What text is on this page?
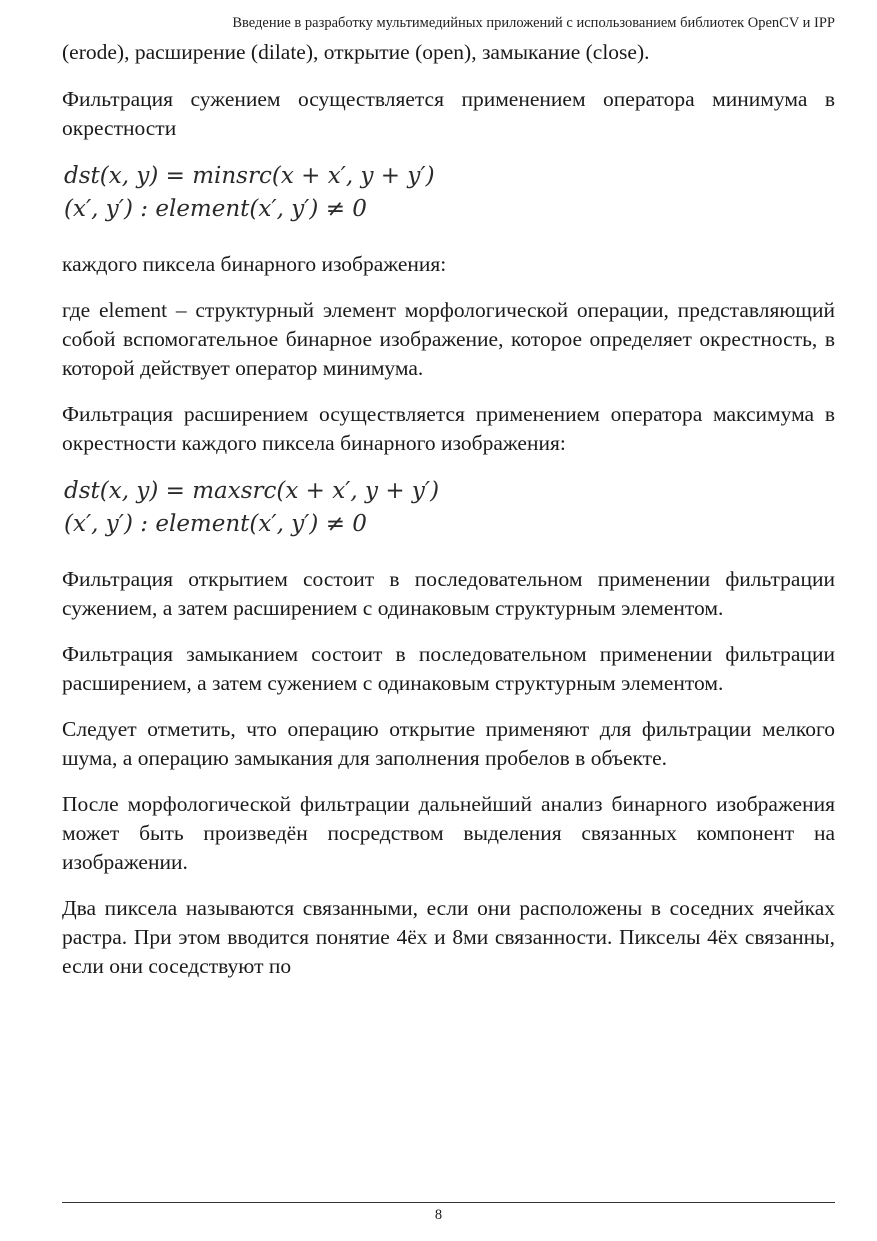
Введение в разработку мультимедийных приложений с использованием библиотек OpenCV и IPP
(erode), расширение (dilate), открытие (open), замыкание (close).
Фильтрация сужением осуществляется применением оператора минимума в окрестности
dst(x, y) = minsrc(x + x′, y + y′)
(x′, y′) : element(x′, y′) ≠ 0
каждого пиксела бинарного изображения:
где element – структурный элемент морфологической операции, представляющий собой вспомогательное бинарное изображение, которое определяет окрестность, в которой действует оператор минимума.
Фильтрация расширением осуществляется применением оператора максимума в окрестности каждого пиксела бинарного изображения:
dst(x, y) = maxsrc(x + x′, y + y′)
(x′, y′) : element(x′, y′) ≠ 0
Фильтрация открытием состоит в последовательном применении фильтрации сужением, а затем расширением с одинаковым структурным элементом.
Фильтрация замыканием состоит в последовательном применении фильтрации расширением, а затем сужением с одинаковым структурным элементом.
Следует отметить, что операцию открытие применяют для фильтрации мелкого шума, а операцию замыкания для заполнения пробелов в объекте.
После морфологической фильтрации дальнейший анализ бинарного изображения может быть произведён посредством выделения связанных компонент на изображении.
Два пиксела называются связанными, если они расположены в соседних ячейках растра. При этом вводится понятие 4ёх и 8ми связанности. Пикселы 4ёх связанны, если они соседствуют по
8
